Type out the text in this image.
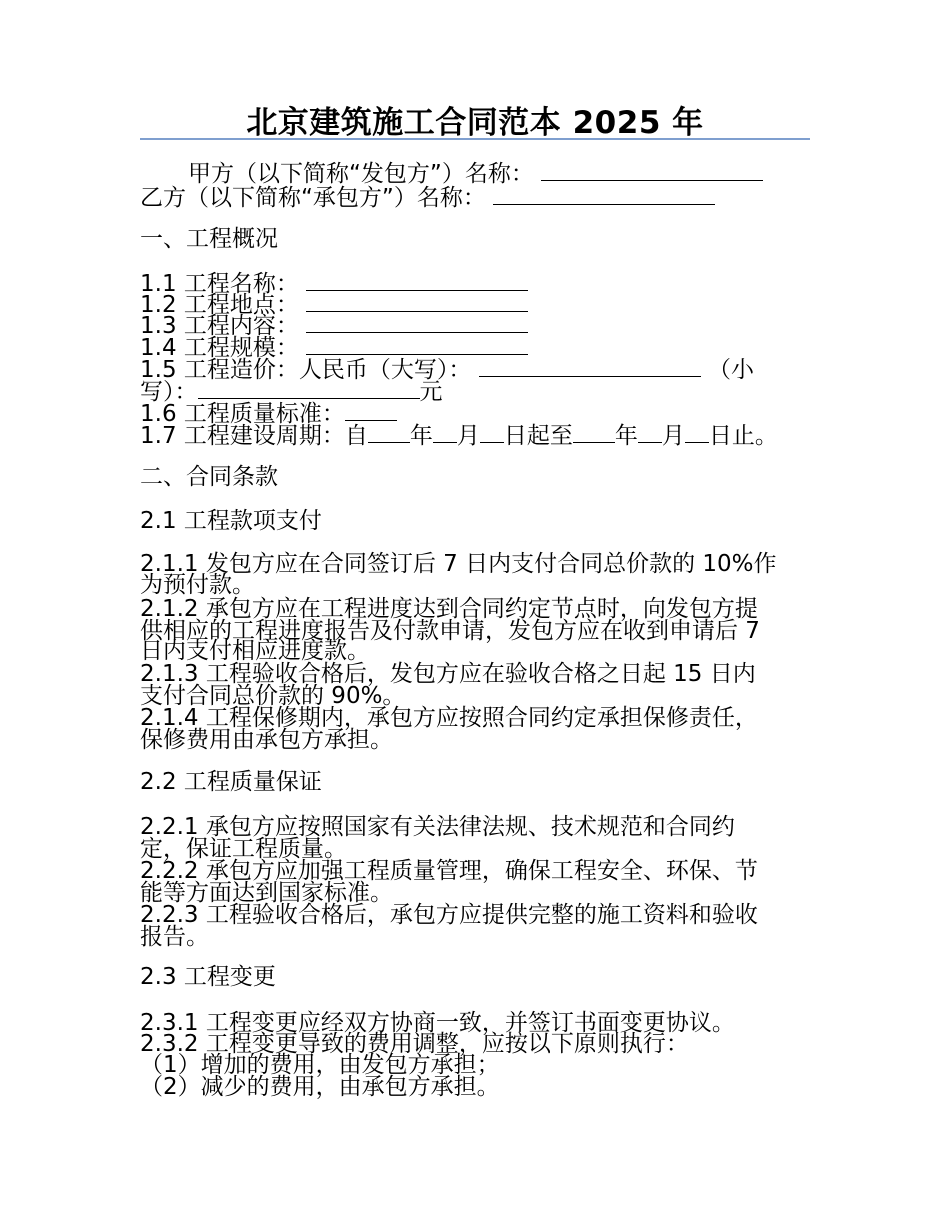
北京建筑施工合同范本 2025 年
甲方（以下简称“发包方”）名称：
乙方（以下简称“承包方”）名称：
一、工程概况
1.1 工程名称：
1.2 工程地点：
1.3 工程内容：
1.4 工程规模：
1.5 工程造价：人民币（大写）：	（小
写）：	元
1.6 工程质量标准：
1.7 工程建设周期：自 年 月 日起至 年 月 日止。
二、合同条款
2.1 工程款项支付
2.1.1 发包方应在合同签订后 7 日内支付合同总价款的 10%作
为预付款。
2.1.2 承包方应在工程进度达到合同约定节点时，向发包方提
供相应的工程进度报告及付款申请，发包方应在收到申请后 7
日内支付相应进度款。
2.1.3 工程验收合格后，发包方应在验收合格之日起 15 日内
支付合同总价款的 90%。
2.1.4 工程保修期内，承包方应按照合同约定承担保修责任，
保修费用由承包方承担。
2.2 工程质量保证
2.2.1 承包方应按照国家有关法律法规、技术规范和合同约
定，保证工程质量。
2.2.2 承包方应加强工程质量管理，确保工程安全、环保、节
能等方面达到国家标准。
2.2.3 工程验收合格后，承包方应提供完整的施工资料和验收
报告。
2.3 工程变更
2.3.1 工程变更应经双方协商一致，并签订书面变更协议。
2.3.2 工程变更导致的费用调整，应按以下原则执行：
（1）增加的费用，由发包方承担；
（2）减少的费用，由承包方承担。
